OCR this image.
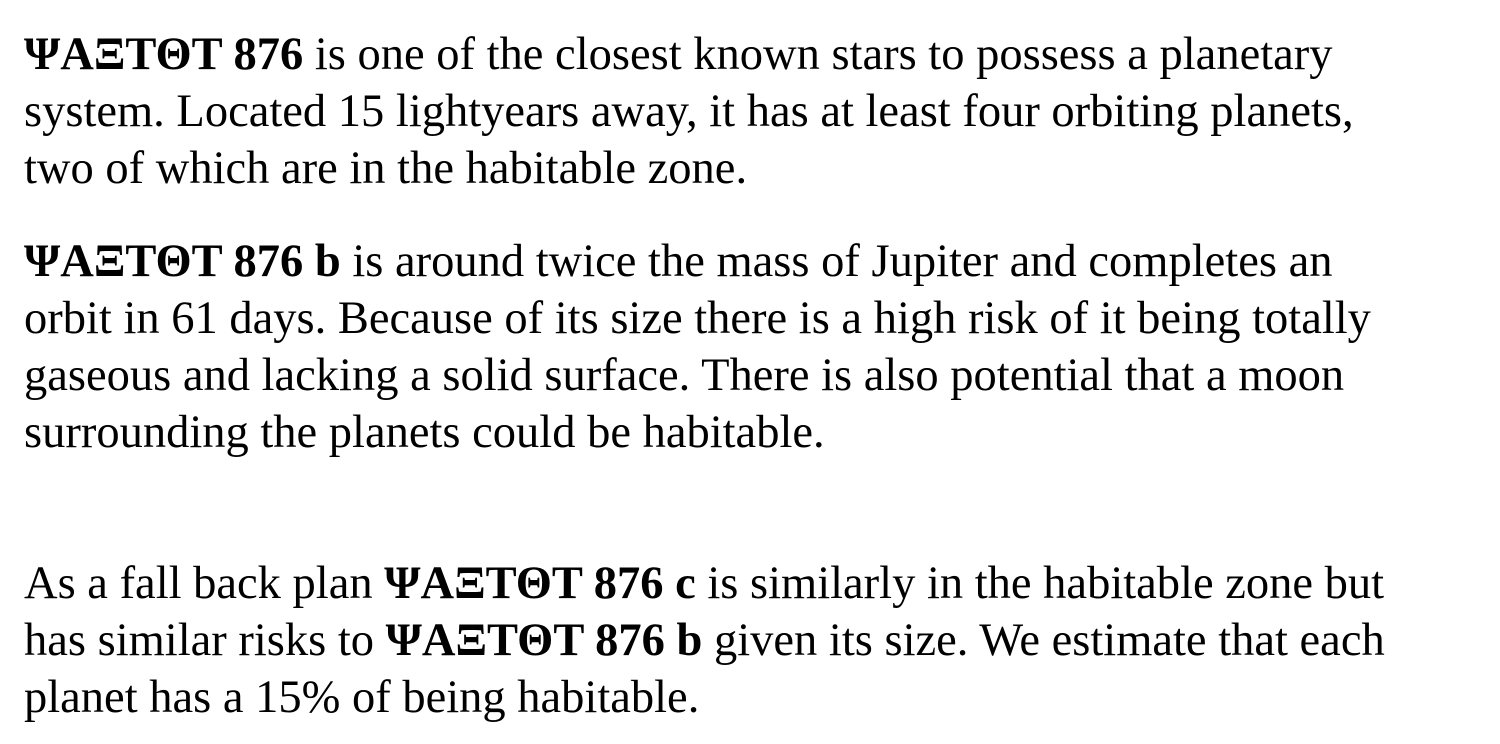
ΨΑΞΤΘΤ 876 is one of the closest known stars to possess a planetary
system. Located 15 lightyears away, it has at least four orbiting planets,
two of which are in the habitable zone.

ΨΑΞΤΘΤ 876 b is around twice the mass of Jupiter and completes an
orbit in 61 days. Because of its size there is a high risk of it being totally
gaseous and lacking a solid surface. There is also potential that a moon
surrounding the planets could be habitable.

As a fall back plan ΨΑΞΤΘΤ 876 c is similarly in the habitable zone but
has similar risks to ΨΑΞΤΘΤ 876 b given its size. We estimate that each
planet has a 15% of being habitable.
